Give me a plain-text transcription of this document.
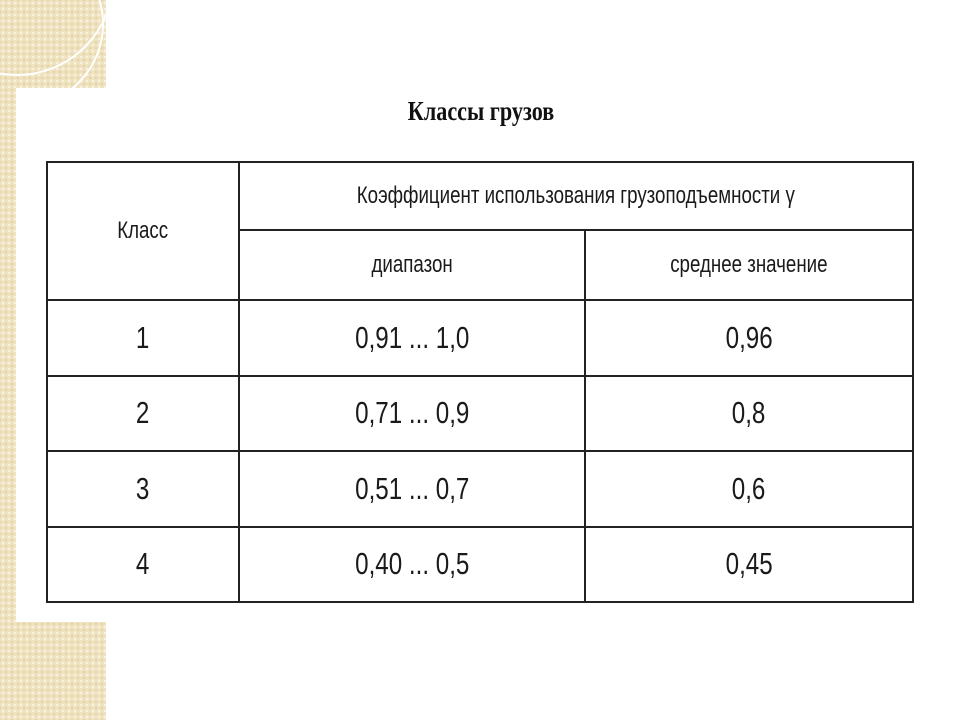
Классы грузов
Класс	Коэффициент использования грузоподъемности γ	
	диапазон	среднее значение
1	0,91 ... 1,0	0,96
2	0,71 ... 0,9	0,8
3	0,51 ... 0,7	0,6
4	0,40 ... 0,5	0,45
